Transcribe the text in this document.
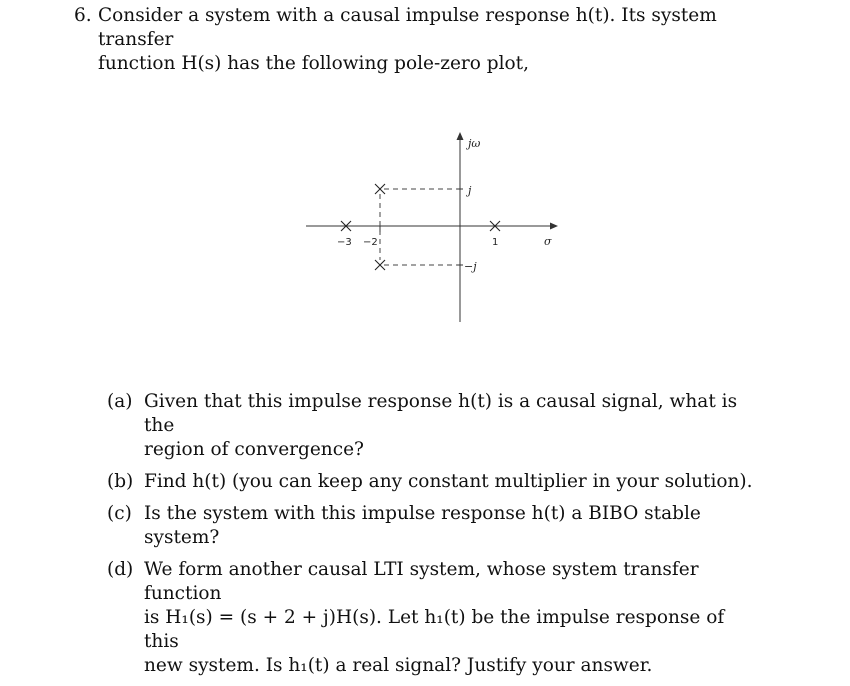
6. Consider a system with a causal impulse response h(t). Its system transfer
function H(s) has the following pole-zero plot,
jω
σ
j
−j
−3 −2	1
(a) Given that this impulse response h(t) is a causal signal, what is the
region of convergence?
(b) Find h(t) (you can keep any constant multiplier in your solution).
(c) Is the system with this impulse response h(t) a BIBO stable system?
(d) We form another causal LTI system, whose system transfer function
is H₁(s) = (s + 2 + j)H(s). Let h₁(t) be the impulse response of this
new system. Is h₁(t) a real signal? Justify your answer.
